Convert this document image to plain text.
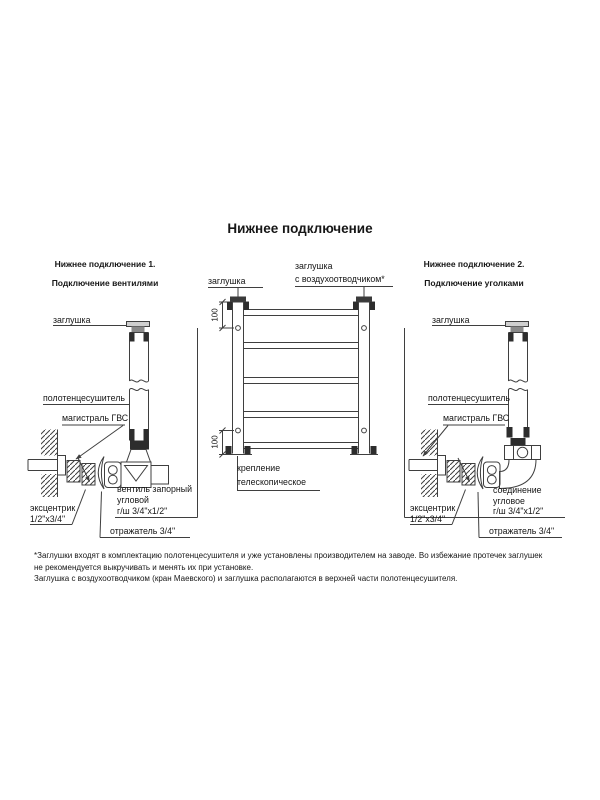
Нижнее подключение
Нижнее подключение 1.
Подключение вентилями
Нижнее подключение 2.
Подключение уголками
заглушка
полотенцесушитель
магистраль ГВС
эксцентрик
1/2"х3/4"
вентиль запорный
угловой
г/ш 3/4"х1/2"
отражатель 3/4"
заглушка
заглушка
с воздухоотводчиком*
крепление
телескопическое
100
100
заглушка
полотенцесушитель
магистраль ГВС
эксцентрик
1/2"х3/4"
соединение
угловое
г/ш 3/4"х1/2"
отражатель 3/4"
*Заглушки входят в комплектацию полотенцесушителя и уже установлены производителем на заводе. Во избежание протечек заглушек
не рекомендуется выкручивать и менять их при установке.
Заглушка с воздухоотводчиком (кран Маевского) и заглушка располагаются в верхней части полотенцесушителя.
